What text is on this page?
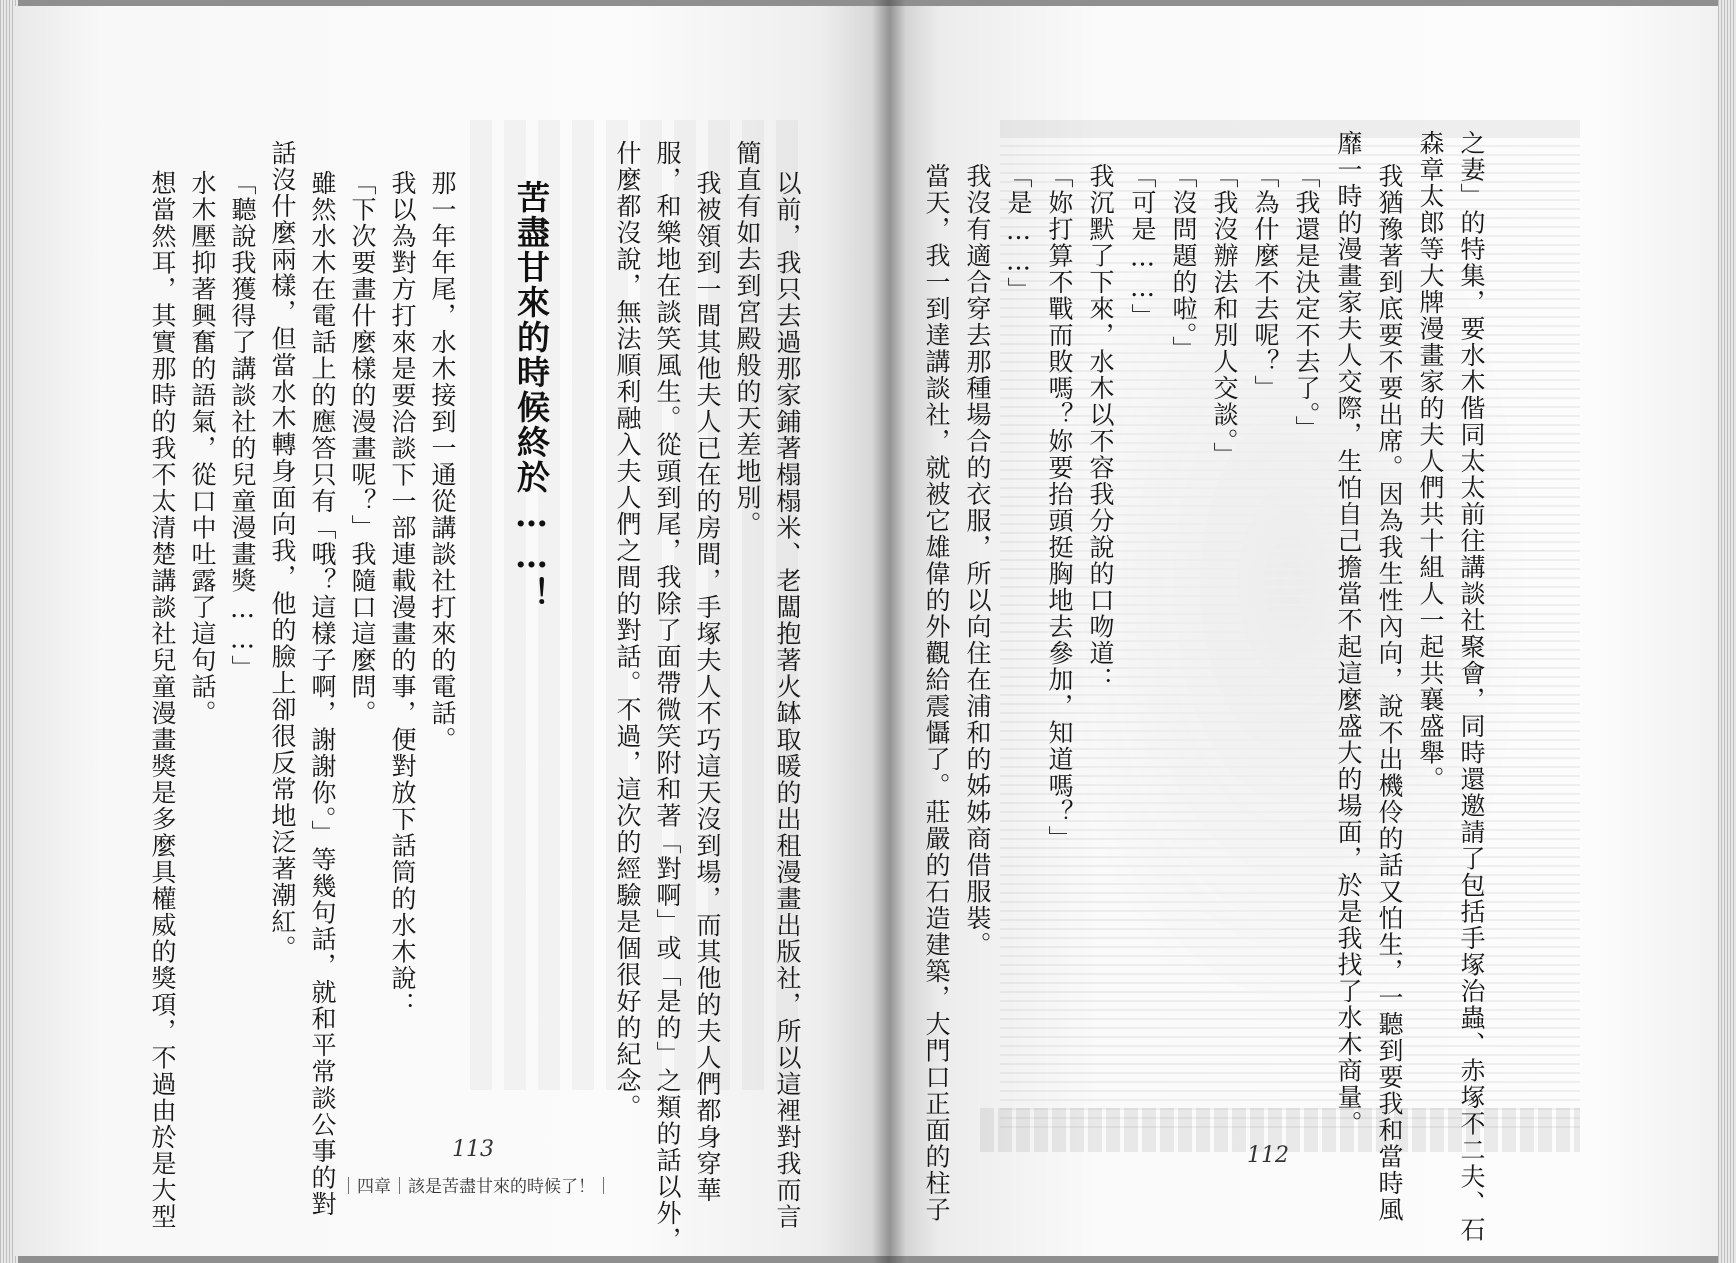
之妻」的特集，要水木偕同太太前往講談社聚會，同時還邀請了包括手塚治蟲、赤塚不二夫、石

森章太郎等大牌漫畫家的夫人們共十組人一起共襄盛舉。

我猶豫著到底要不要出席。因為我生性內向，說不出機伶的話又怕生，一聽到要我和當時風

靡一時的漫畫家夫人交際，生怕自己擔當不起這麼盛大的場面，於是我找了水木商量。

「我還是決定不去了。」

「為什麼不去呢？」

「我沒辦法和別人交談。」

「沒問題的啦。」

「可是……」

我沉默了下來，水木以不容我分說的口吻道：

「妳打算不戰而敗嗎？妳要抬頭挺胸地去參加，知道嗎？」

「是……」

我沒有適合穿去那種場合的衣服，所以向住在浦和的姊姊商借服裝。

當天，我一到達講談社，就被它雄偉的外觀給震懾了。莊嚴的石造建築，大門口正面的柱子	112

以前，我只去過那家鋪著榻榻米、老闆抱著火缽取暖的出租漫畫出版社，所以這裡對我而言

簡直有如去到宮殿般的天差地別。

我被領到一間其他夫人已在的房間，手塚夫人不巧這天沒到場，而其他的夫人們都身穿華

服，和樂地在談笑風生。從頭到尾，我除了面帶微笑附和著「對啊」或「是的」之類的話以外，

什麼都沒說，無法順利融入夫人們之間的對話。不過，這次的經驗是個很好的紀念。

苦盡甘來的時候終於……！

那一年年尾，水木接到一通從講談社打來的電話。

我以為對方打來是要洽談下一部連載漫畫的事，便對放下話筒的水木說：

「下次要畫什麼樣的漫畫呢？」我隨口這麼問。

雖然水木在電話上的應答只有「哦？這樣子啊，謝謝你。」等幾句話，就和平常談公事的對

話沒什麼兩樣，但當水木轉身面向我，他的臉上卻很反常地泛著潮紅。

「聽說我獲得了講談社的兒童漫畫獎……」

水木壓抑著興奮的語氣，從口中吐露了這句話。

想當然耳，其實那時的我不太清楚講談社兒童漫畫獎是多麼具權威的獎項，不過由於是大型	113

｜四章｜該是苦盡甘來的時候了！｜
